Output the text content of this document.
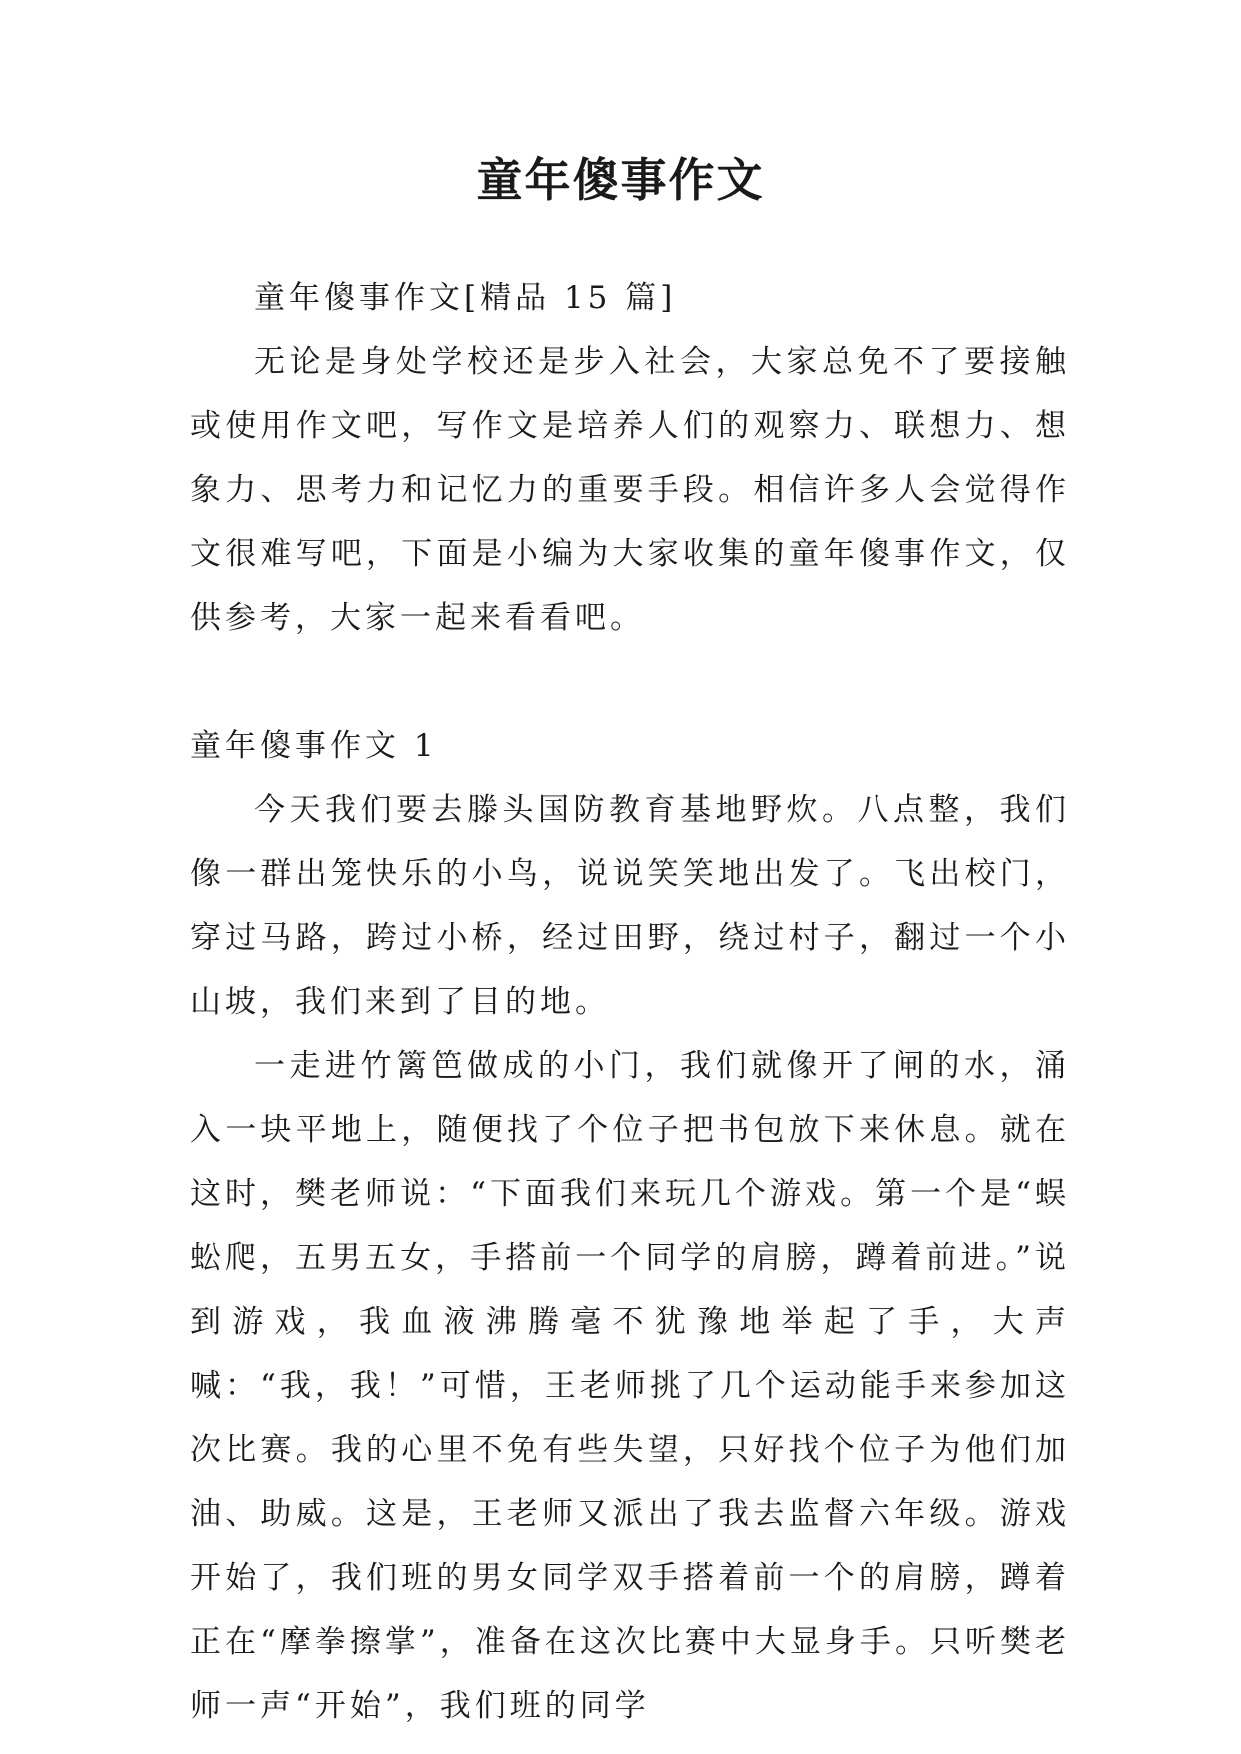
童年傻事作文

童年傻事作文[精品 15 篇]

无论是身处学校还是步入社会，大家总免不了要接触或使用作文吧，写作文是培养人们的观察力、联想力、想象力、思考力和记忆力的重要手段。相信许多人会觉得作文很难写吧，下面是小编为大家收集的童年傻事作文，仅供参考，大家一起来看看吧。

童年傻事作文 1

今天我们要去滕头国防教育基地野炊。八点整，我们像一群出笼快乐的小鸟，说说笑笑地出发了。飞出校门，穿过马路，跨过小桥，经过田野，绕过村子，翻过一个小山坡，我们来到了目的地。

一走进竹篱笆做成的小门，我们就像开了闸的水，涌入一块平地上，随便找了个位子把书包放下来休息。就在这时，樊老师说：“下面我们来玩几个游戏。第一个是“蜈蚣爬，五男五女，手搭前一个同学的肩膀，蹲着前进。”说到游戏，我血液沸腾毫不犹豫地举起了手，大声喊：“我，我！”可惜，王老师挑了几个运动能手来参加这次比赛。我的心里不免有些失望，只好找个位子为他们加油、助威。这是，王老师又派出了我去监督六年级。游戏开始了，我们班的男女同学双手搭着前一个的肩膀，蹲着正在“摩拳擦掌”，准备在这次比赛中大显身手。只听樊老师一声“开始”，我们班的同学
